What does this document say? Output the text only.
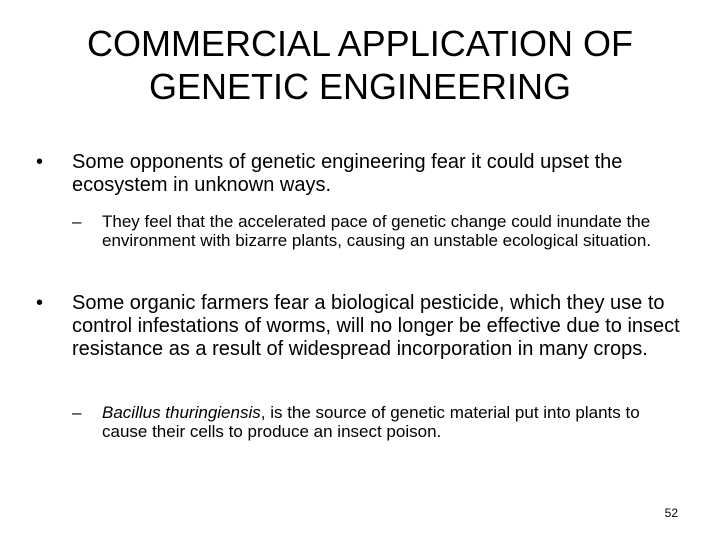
COMMERCIAL APPLICATION OF
GENETIC ENGINEERING
• Some opponents of genetic engineering fear it could upset the ecosystem in unknown ways.
– They feel that the accelerated pace of genetic change could inundate the environment with bizarre plants, causing an unstable ecological situation.
• Some organic farmers fear a biological pesticide, which they use to control infestations of worms, will no longer be effective due to insect resistance as a result of widespread incorporation in many crops.
– Bacillus thuringiensis, is the source of genetic material put into plants to cause their cells to produce an insect poison.
52
